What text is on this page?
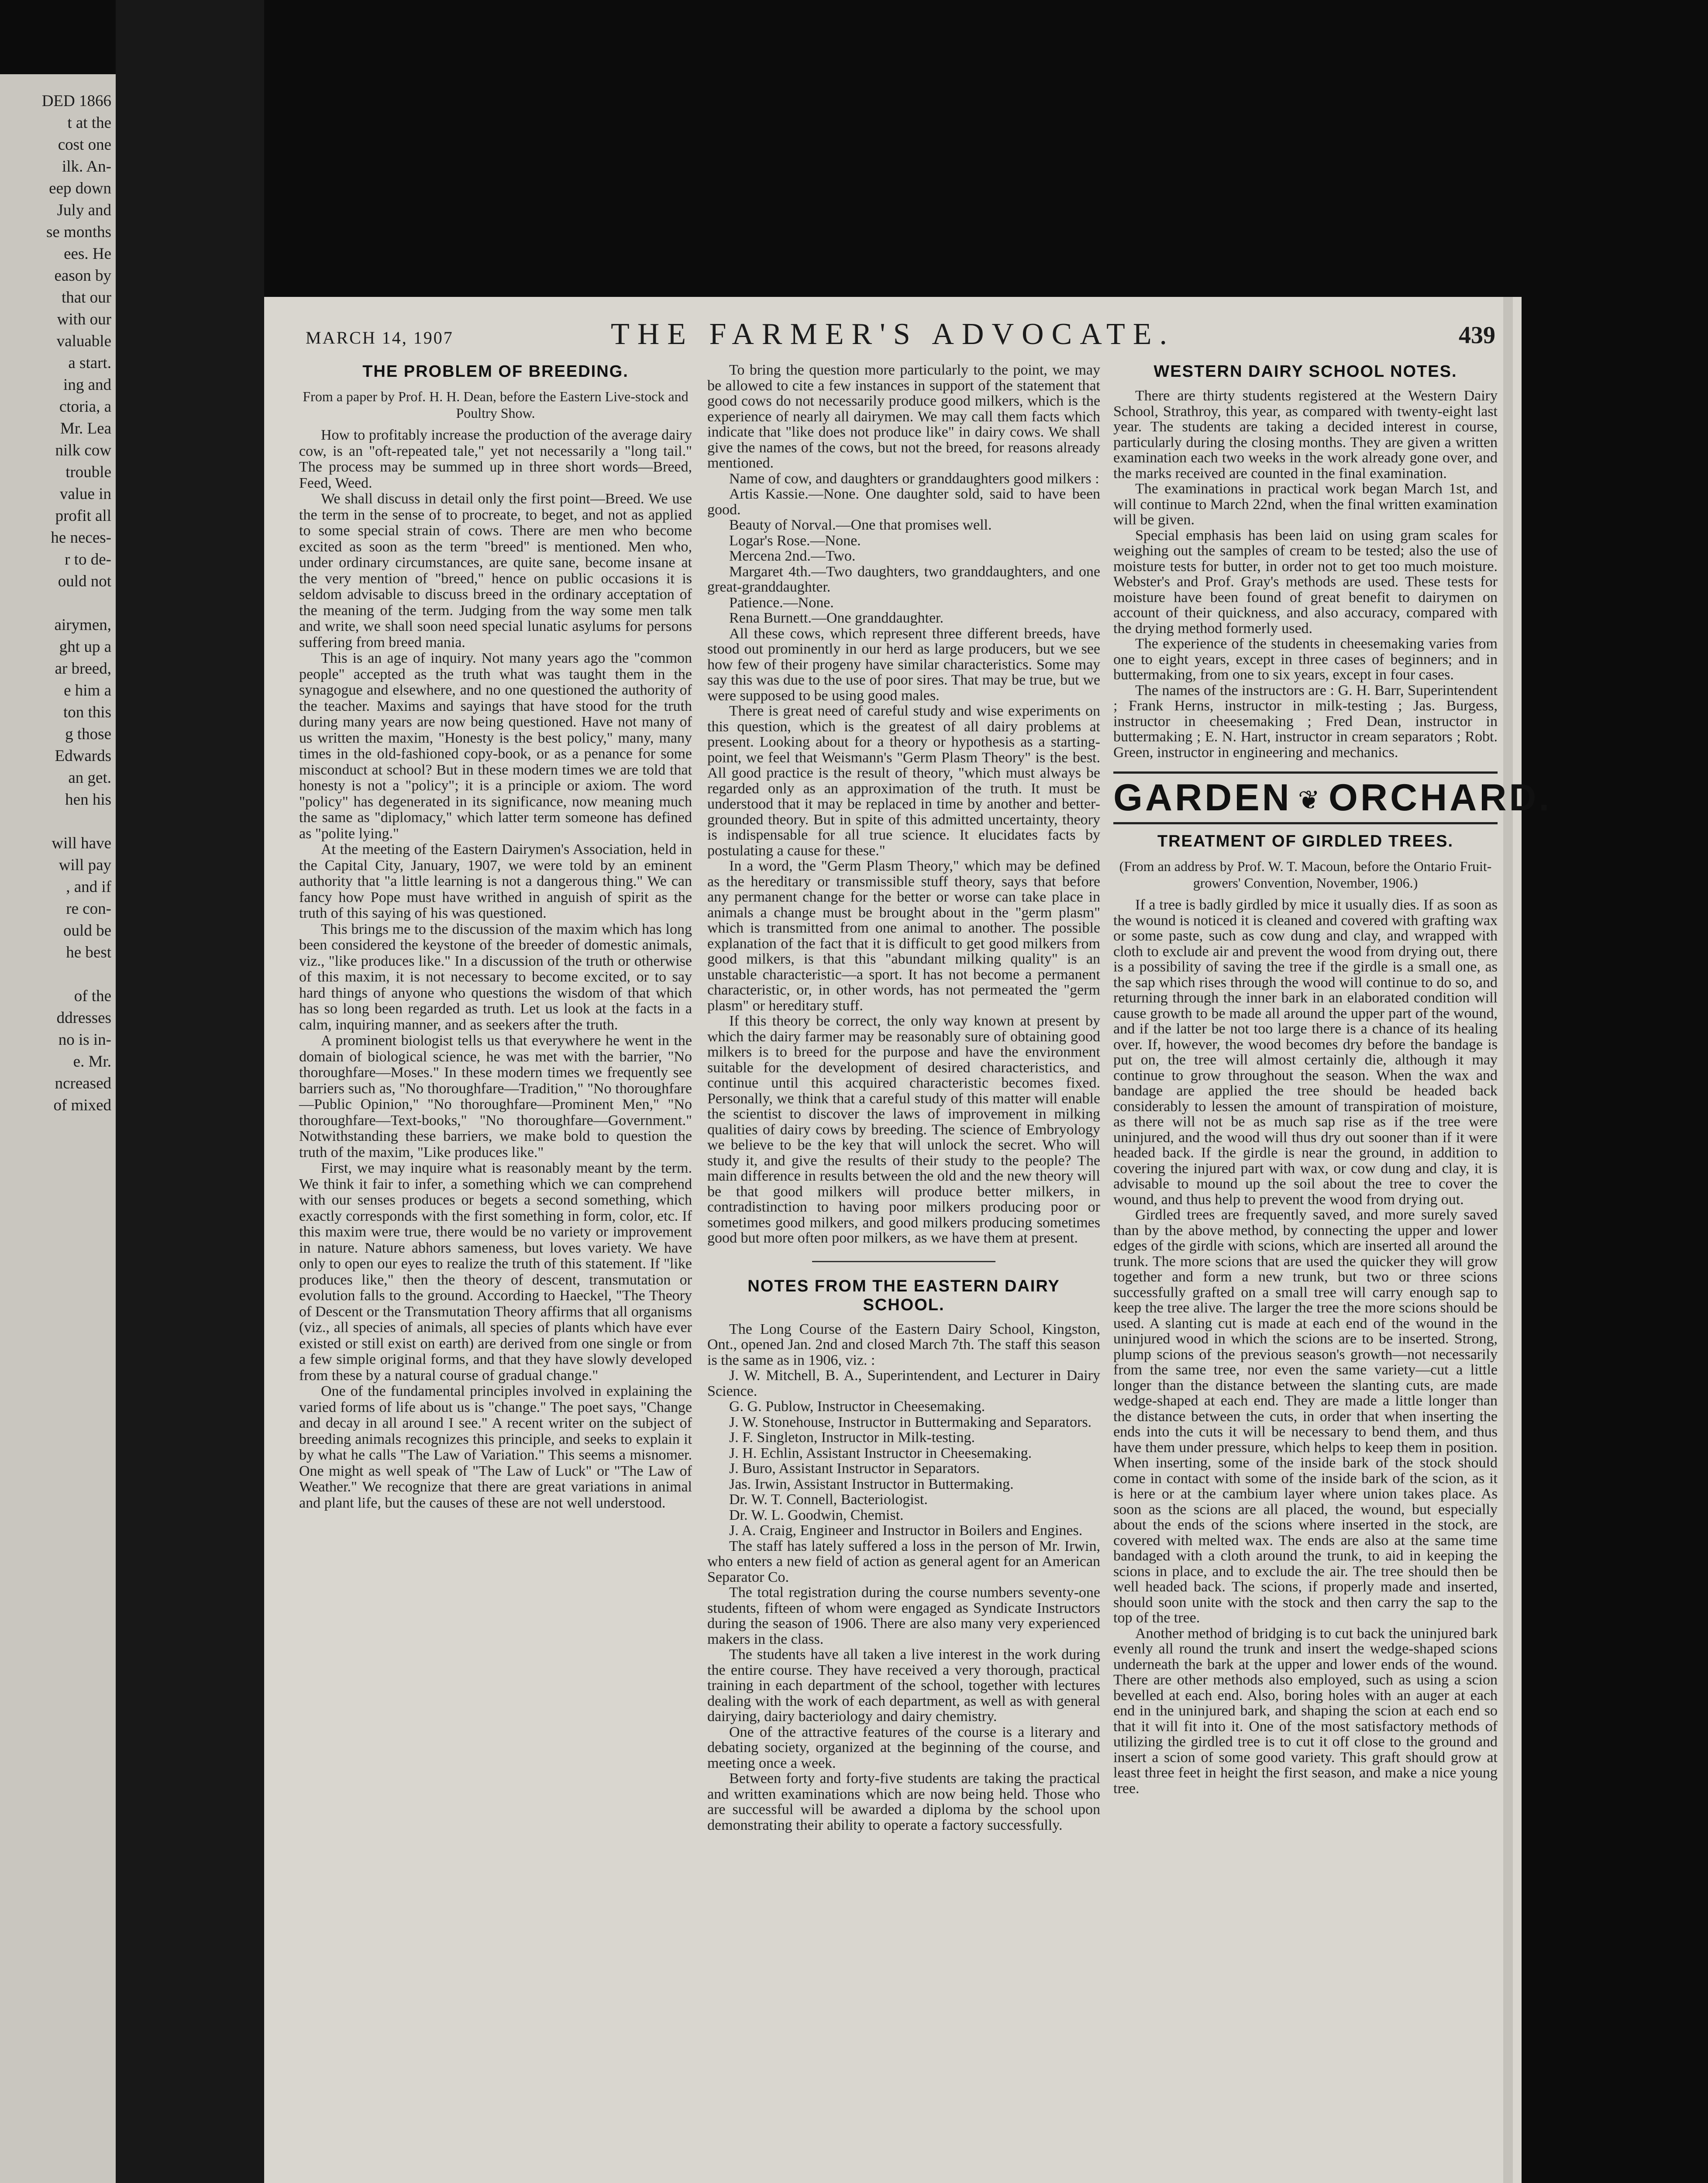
DED 1866
t at the
cost one
ilk. An-
eep down
July and
se months
ees. He
eason by
that our
with our
valuable
a start.
ing and
ctoria, a
Mr. Lea
nilk cow
trouble
value in
profit all
he neces-
r to de-
ould not
airymen,
ght up a
ar breed,
e him a
ton this
g those
Edwards
an get.
hen his
will have
will pay
, and if
re con-
ould be
he best
of the
ddresses
no is in-
e. Mr.
ncreased
of mixed
MARCH 14, 1907	THE FARMER'S ADVOCATE.	439
THE PROBLEM OF BREEDING.
From a paper by Prof. H. H. Dean, before the Eastern Live-stock and Poultry Show.

How to profitably increase the production of the average dairy cow, is an "oft-repeated tale," yet not necessarily a "long tail." The process may be summed up in three short words—Breed, Feed, Weed.

We shall discuss in detail only the first point—Breed. We use the term in the sense of to procreate, to beget, and not as applied to some special strain of cows. There are men who become excited as soon as the term "breed" is mentioned. Men who, under ordinary circumstances, are quite sane, become insane at the very mention of "breed," hence on public occasions it is seldom advisable to discuss breed in the ordinary acceptation of the meaning of the term. Judging from the way some men talk and write, we shall soon need special lunatic asylums for persons suffering from breed mania.

This is an age of inquiry. Not many years ago the "common people" accepted as the truth what was taught them in the synagogue and elsewhere, and no one questioned the authority of the teacher. Maxims and sayings that have stood for the truth during many years are now being questioned. Have not many of us written the maxim, "Honesty is the best policy," many, many times in the old-fashioned copy-book, or as a penance for some misconduct at school? But in these modern times we are told that honesty is not a "policy"; it is a principle or axiom. The word "policy" has degenerated in its significance, now meaning much the same as "diplomacy," which latter term someone has defined as "polite lying."

At the meeting of the Eastern Dairymen's Association, held in the Capital City, January, 1907, we were told by an eminent authority that "a little learning is not a dangerous thing." We can fancy how Pope must have writhed in anguish of spirit as the truth of this saying of his was questioned.

This brings me to the discussion of the maxim which has long been considered the keystone of the breeder of domestic animals, viz., "like produces like." In a discussion of the truth or otherwise of this maxim, it is not necessary to become excited, or to say hard things of anyone who questions the wisdom of that which has so long been regarded as truth. Let us look at the facts in a calm, inquiring manner, and as seekers after the truth.

A prominent biologist tells us that everywhere he went in the domain of biological science, he was met with the barrier, "No thoroughfare—Moses." In these modern times we frequently see barriers such as, "No thoroughfare—Tradition," "No thoroughfare—Public Opinion," "No thoroughfare—Prominent Men," "No thoroughfare—Text-books," "No thoroughfare—Government." Notwithstanding these barriers, we make bold to question the truth of the maxim, "Like produces like."

First, we may inquire what is reasonably meant by the term. We think it fair to infer, a something which we can comprehend with our senses produces or begets a second something, which exactly corresponds with the first something in form, color, etc. If this maxim were true, there would be no variety or improvement in nature. Nature abhors sameness, but loves variety. We have only to open our eyes to realize the truth of this statement. If "like produces like," then the theory of descent, transmutation or evolution falls to the ground. According to Haeckel, "The Theory of Descent or the Transmutation Theory affirms that all organisms (viz., all species of animals, all species of plants which have ever existed or still exist on earth) are derived from one single or from a few simple original forms, and that they have slowly developed from these by a natural course of gradual change."

One of the fundamental principles involved in explaining the varied forms of life about us is "change." The poet says, "Change and decay in all around I see." A recent writer on the subject of breeding animals recognizes this principle, and seeks to explain it by what he calls "The Law of Variation." This seems a misnomer. One might as well speak of "The Law of Luck" or "The Law of Weather." We recognize that there are great variations in animal and plant life, but the causes of these are not well understood.

To bring the question more particularly to the point, we may be allowed to cite a few instances in support of the statement that good cows do not necessarily produce good milkers, which is the experience of nearly all dairymen. We may call them facts which indicate that "like does not produce like" in dairy cows. We shall give the names of the cows, but not the breed, for reasons already mentioned.

Name of cow, and daughters or granddaughters good milkers :

Artis Kassie.—None. One daughter sold, said to have been good.

Beauty of Norval.—One that promises well.

Logar's Rose.—None.

Mercena 2nd.—Two.

Margaret 4th.—Two daughters, two granddaughters, and one great-granddaughter.

Patience.—None.

Rena Burnett.—One granddaughter.

All these cows, which represent three different breeds, have stood out prominently in our herd as large producers, but we see how few of their progeny have similar characteristics. Some may say this was due to the use of poor sires. That may be true, but we were supposed to be using good males.

There is great need of careful study and wise experiments on this question, which is the greatest of all dairy problems at present. Looking about for a theory or hypothesis as a starting-point, we feel that Weismann's "Germ Plasm Theory" is the best. All good practice is the result of theory, "which must always be regarded only as an approximation of the truth. It must be understood that it may be replaced in time by another and better-grounded theory. But in spite of this admitted uncertainty, theory is indispensable for all true science. It elucidates facts by postulating a cause for these."

In a word, the "Germ Plasm Theory," which may be defined as the hereditary or transmissible stuff theory, says that before any permanent change for the better or worse can take place in animals a change must be brought about in the "germ plasm" which is transmitted from one animal to another. The possible explanation of the fact that it is difficult to get good milkers from good milkers, is that this "abundant milking quality" is an unstable characteristic—a sport. It has not become a permanent characteristic, or, in other words, has not permeated the "germ plasm" or hereditary stuff.

If this theory be correct, the only way known at present by which the dairy farmer may be reasonably sure of obtaining good milkers is to breed for the purpose and have the environment suitable for the development of desired characteristics, and continue until this acquired characteristic becomes fixed. Personally, we think that a careful study of this matter will enable the scientist to discover the laws of improvement in milking qualities of dairy cows by breeding. The science of Embryology we believe to be the key that will unlock the secret. Who will study it, and give the results of their study to the people? The main difference in results between the old and the new theory will be that good milkers will produce better milkers, in contradistinction to having poor milkers producing poor or sometimes good milkers, and good milkers producing sometimes good but more often poor milkers, as we have them at present.

NOTES FROM THE EASTERN DAIRY SCHOOL.

The Long Course of the Eastern Dairy School, Kingston, Ont., opened Jan. 2nd and closed March 7th. The staff this season is the same as in 1906, viz. :

J. W. Mitchell, B. A., Superintendent, and Lecturer in Dairy Science.

G. G. Publow, Instructor in Cheesemaking.

J. W. Stonehouse, Instructor in Buttermaking and Separators.

J. F. Singleton, Instructor in Milk-testing.

J. H. Echlin, Assistant Instructor in Cheesemaking.

J. Buro, Assistant Instructor in Separators.

Jas. Irwin, Assistant Instructor in Buttermaking.

Dr. W. T. Connell, Bacteriologist.

Dr. W. L. Goodwin, Chemist.

J. A. Craig, Engineer and Instructor in Boilers and Engines.

The staff has lately suffered a loss in the person of Mr. Irwin, who enters a new field of action as general agent for an American Separator Co.

The total registration during the course numbers seventy-one students, fifteen of whom were engaged as Syndicate Instructors during the season of 1906. There are also many very experienced makers in the class.

The students have all taken a live interest in the work during the entire course. They have received a very thorough, practical training in each department of the school, together with lectures dealing with the work of each department, as well as with general dairying, dairy bacteriology and dairy chemistry.

One of the attractive features of the course is a literary and debating society, organized at the beginning of the course, and meeting once a week.

Between forty and forty-five students are taking the practical and written examinations which are now being held. Those who are successful will be awarded a diploma by the school upon demonstrating their ability to operate a factory successfully.

WESTERN DAIRY SCHOOL NOTES.

There are thirty students registered at the Western Dairy School, Strathroy, this year, as compared with twenty-eight last year. The students are taking a decided interest in course, particularly during the closing months. They are given a written examination each two weeks in the work already gone over, and the marks received are counted in the final examination.

The examinations in practical work began March 1st, and will continue to March 22nd, when the final written examination will be given.

Special emphasis has been laid on using gram scales for weighing out the samples of cream to be tested; also the use of moisture tests for butter, in order not to get too much moisture. Webster's and Prof. Gray's methods are used. These tests for moisture have been found of great benefit to dairymen on account of their quickness, and also accuracy, compared with the drying method formerly used.

The experience of the students in cheesemaking varies from one to eight years, except in three cases of beginners; and in buttermaking, from one to six years, except in four cases.

The names of the instructors are : G. H. Barr, Superintendent ; Frank Herns, instructor in milk-testing ; Jas. Burgess, instructor in cheesemaking ; Fred Dean, instructor in buttermaking ; E. N. Hart, instructor in cream separators ; Robt. Green, instructor in engineering and mechanics.

GARDEN ❦ ORCHARD.
TREATMENT OF GIRDLED TREES.
(From an address by Prof. W. T. Macoun, before the Ontario Fruit-growers' Convention, November, 1906.)

If a tree is badly girdled by mice it usually dies. If as soon as the wound is noticed it is cleaned and covered with grafting wax or some paste, such as cow dung and clay, and wrapped with cloth to exclude air and prevent the wood from drying out, there is a possibility of saving the tree if the girdle is a small one, as the sap which rises through the wood will continue to do so, and returning through the inner bark in an elaborated condition will cause growth to be made all around the upper part of the wound, and if the latter be not too large there is a chance of its healing over. If, however, the wood becomes dry before the bandage is put on, the tree will almost certainly die, although it may continue to grow throughout the season. When the wax and bandage are applied the tree should be headed back considerably to lessen the amount of transpiration of moisture, as there will not be as much sap rise as if the tree were uninjured, and the wood will thus dry out sooner than if it were headed back. If the girdle is near the ground, in addition to covering the injured part with wax, or cow dung and clay, it is advisable to mound up the soil about the tree to cover the wound, and thus help to prevent the wood from drying out.

Girdled trees are frequently saved, and more surely saved than by the above method, by connecting the upper and lower edges of the girdle with scions, which are inserted all around the trunk. The more scions that are used the quicker they will grow together and form a new trunk, but two or three scions successfully grafted on a small tree will carry enough sap to keep the tree alive. The larger the tree the more scions should be used. A slanting cut is made at each end of the wound in the uninjured wood in which the scions are to be inserted. Strong, plump scions of the previous season's growth—not necessarily from the same tree, nor even the same variety—cut a little longer than the distance between the slanting cuts, are made wedge-shaped at each end. They are made a little longer than the distance between the cuts, in order that when inserting the ends into the cuts it will be necessary to bend them, and thus have them under pressure, which helps to keep them in position. When inserting, some of the inside bark of the stock should come in contact with some of the inside bark of the scion, as it is here or at the cambium layer where union takes place. As soon as the scions are all placed, the wound, but especially about the ends of the scions where inserted in the stock, are covered with melted wax. The ends are also at the same time bandaged with a cloth around the trunk, to aid in keeping the scions in place, and to exclude the air. The tree should then be well headed back. The scions, if properly made and inserted, should soon unite with the stock and then carry the sap to the top of the tree.

Another method of bridging is to cut back the uninjured bark evenly all round the trunk and insert the wedge-shaped scions underneath the bark at the upper and lower ends of the wound. There are other methods also employed, such as using a scion bevelled at each end. Also, boring holes with an auger at each end in the uninjured bark, and shaping the scion at each end so that it will fit into it. One of the most satisfactory methods of utilizing the girdled tree is to cut it off close to the ground and insert a scion of some good variety. This graft should grow at least three feet in height the first season, and make a nice young tree.
